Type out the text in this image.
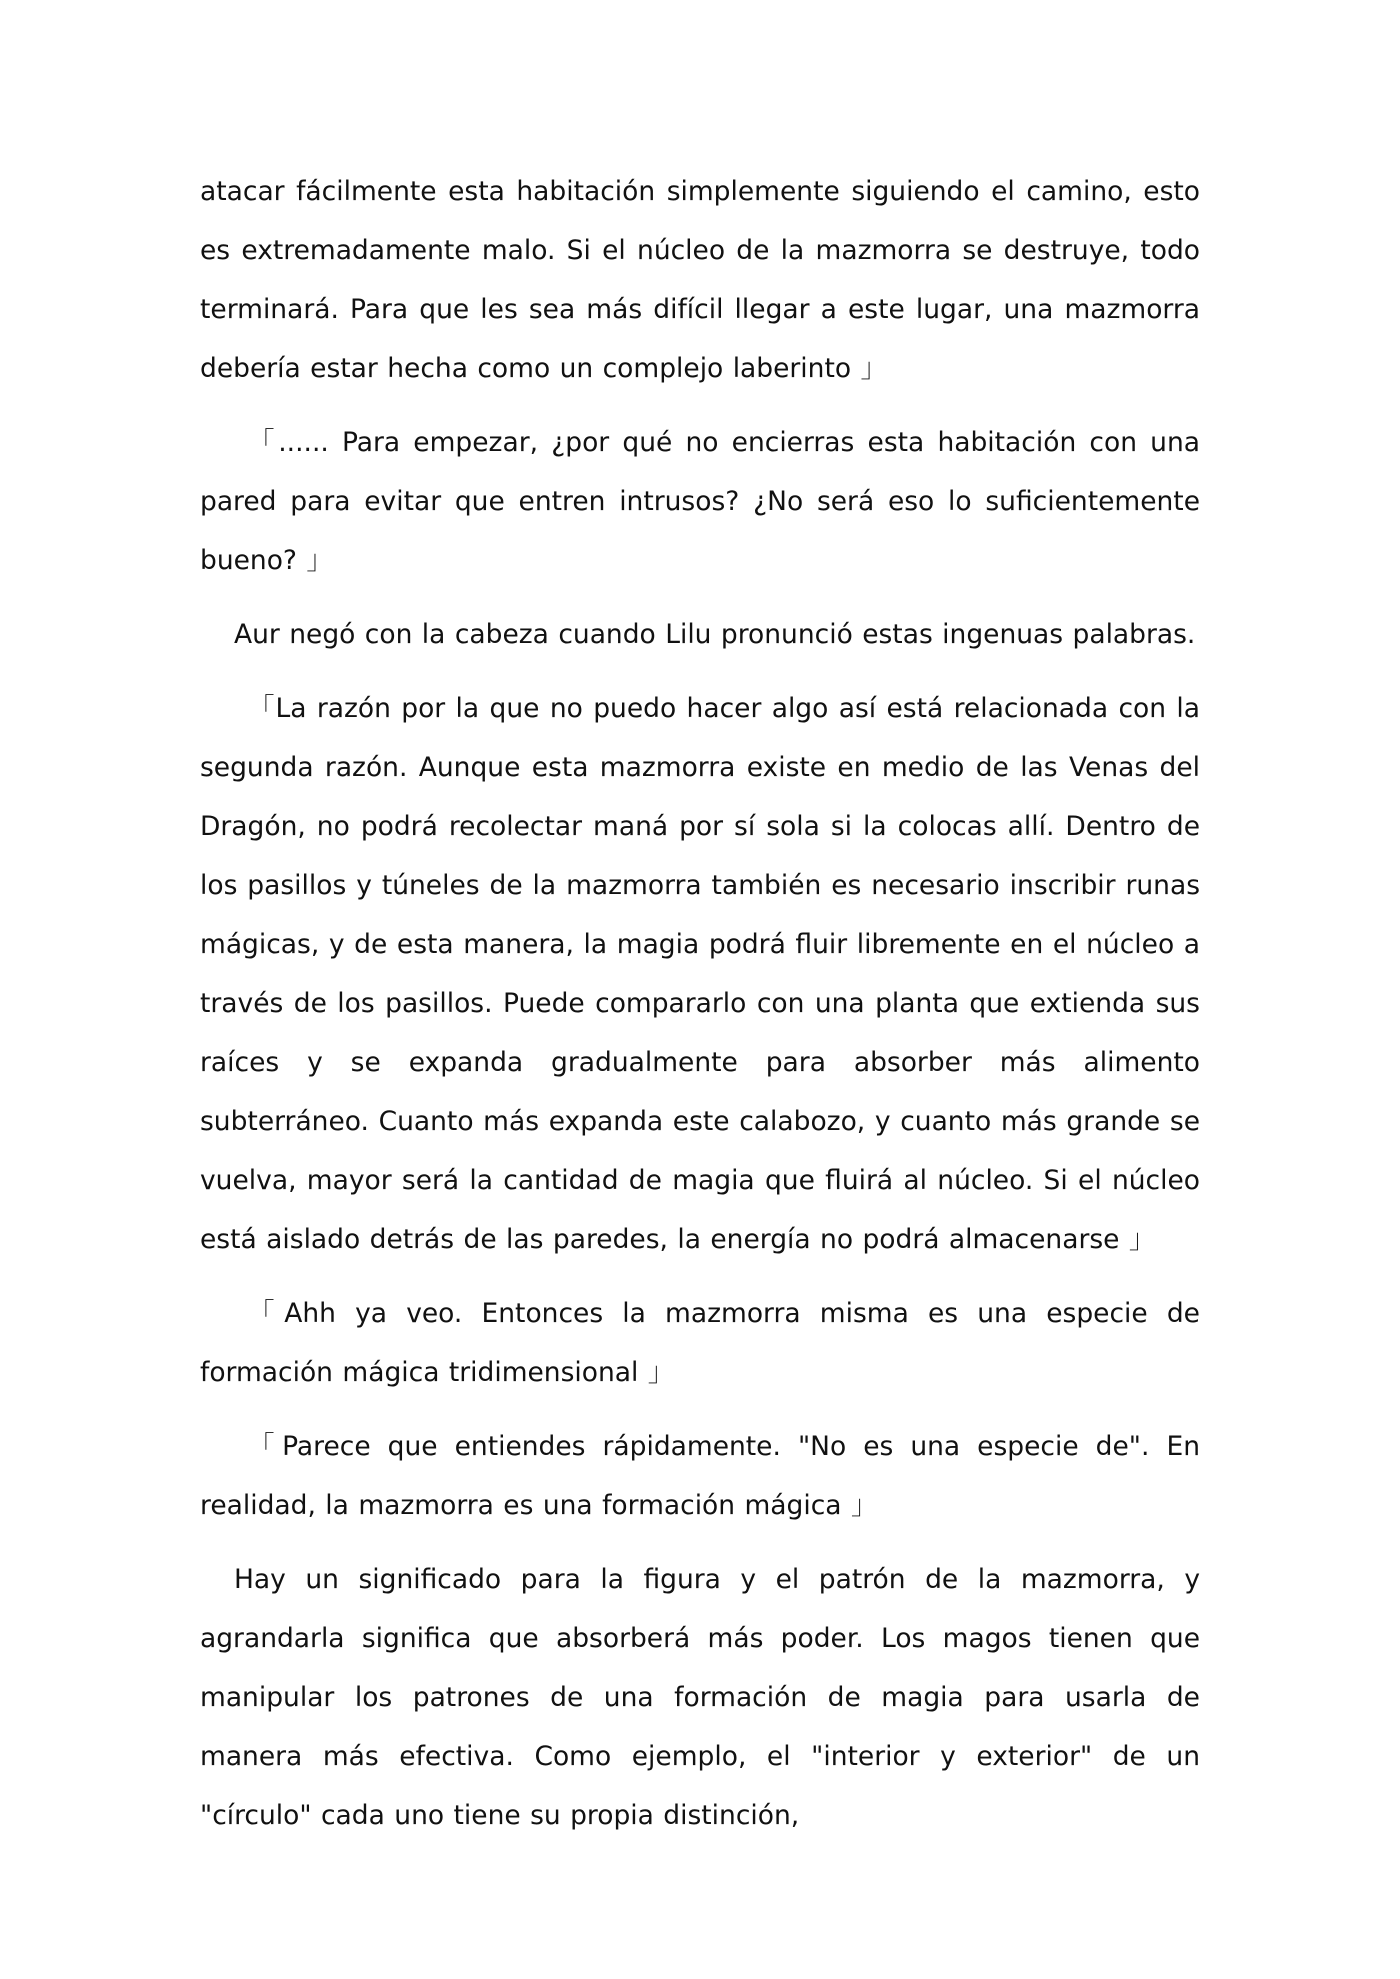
atacar fácilmente esta habitación simplemente siguiendo el camino, esto es extremadamente malo. Si el núcleo de la mazmorra se destruye, todo terminará. Para que les sea más difícil llegar a este lugar, una mazmorra debería estar hecha como un complejo laberinto 」

「...... Para empezar, ¿por qué no encierras esta habitación con una pared para evitar que entren intrusos? ¿No será eso lo suficientemente bueno? 」

Aur negó con la cabeza cuando Lilu pronunció estas ingenuas palabras.

「La razón por la que no puedo hacer algo así está relacionada con la segunda razón. Aunque esta mazmorra existe en medio de las Venas del Dragón, no podrá recolectar maná por sí sola si la colocas allí. Dentro de los pasillos y túneles de la mazmorra también es necesario inscribir runas mágicas, y de esta manera, la magia podrá fluir libremente en el núcleo a través de los pasillos. Puede compararlo con una planta que extienda sus raíces y se expanda gradualmente para absorber más alimento subterráneo. Cuanto más expanda este calabozo, y cuanto más grande se vuelva, mayor será la cantidad de magia que fluirá al núcleo. Si el núcleo está aislado detrás de las paredes, la energía no podrá almacenarse 」

「Ahh ya veo. Entonces la mazmorra misma es una especie de formación mágica tridimensional 」

「Parece que entiendes rápidamente. "No es una especie de". En realidad, la mazmorra es una formación mágica 」

Hay un significado para la figura y el patrón de la mazmorra, y agrandarla significa que absorberá más poder. Los magos tienen que manipular los patrones de una formación de magia para usarla de manera más efectiva. Como ejemplo, el "interior y exterior" de un "círculo" cada uno tiene su propia distinción,
